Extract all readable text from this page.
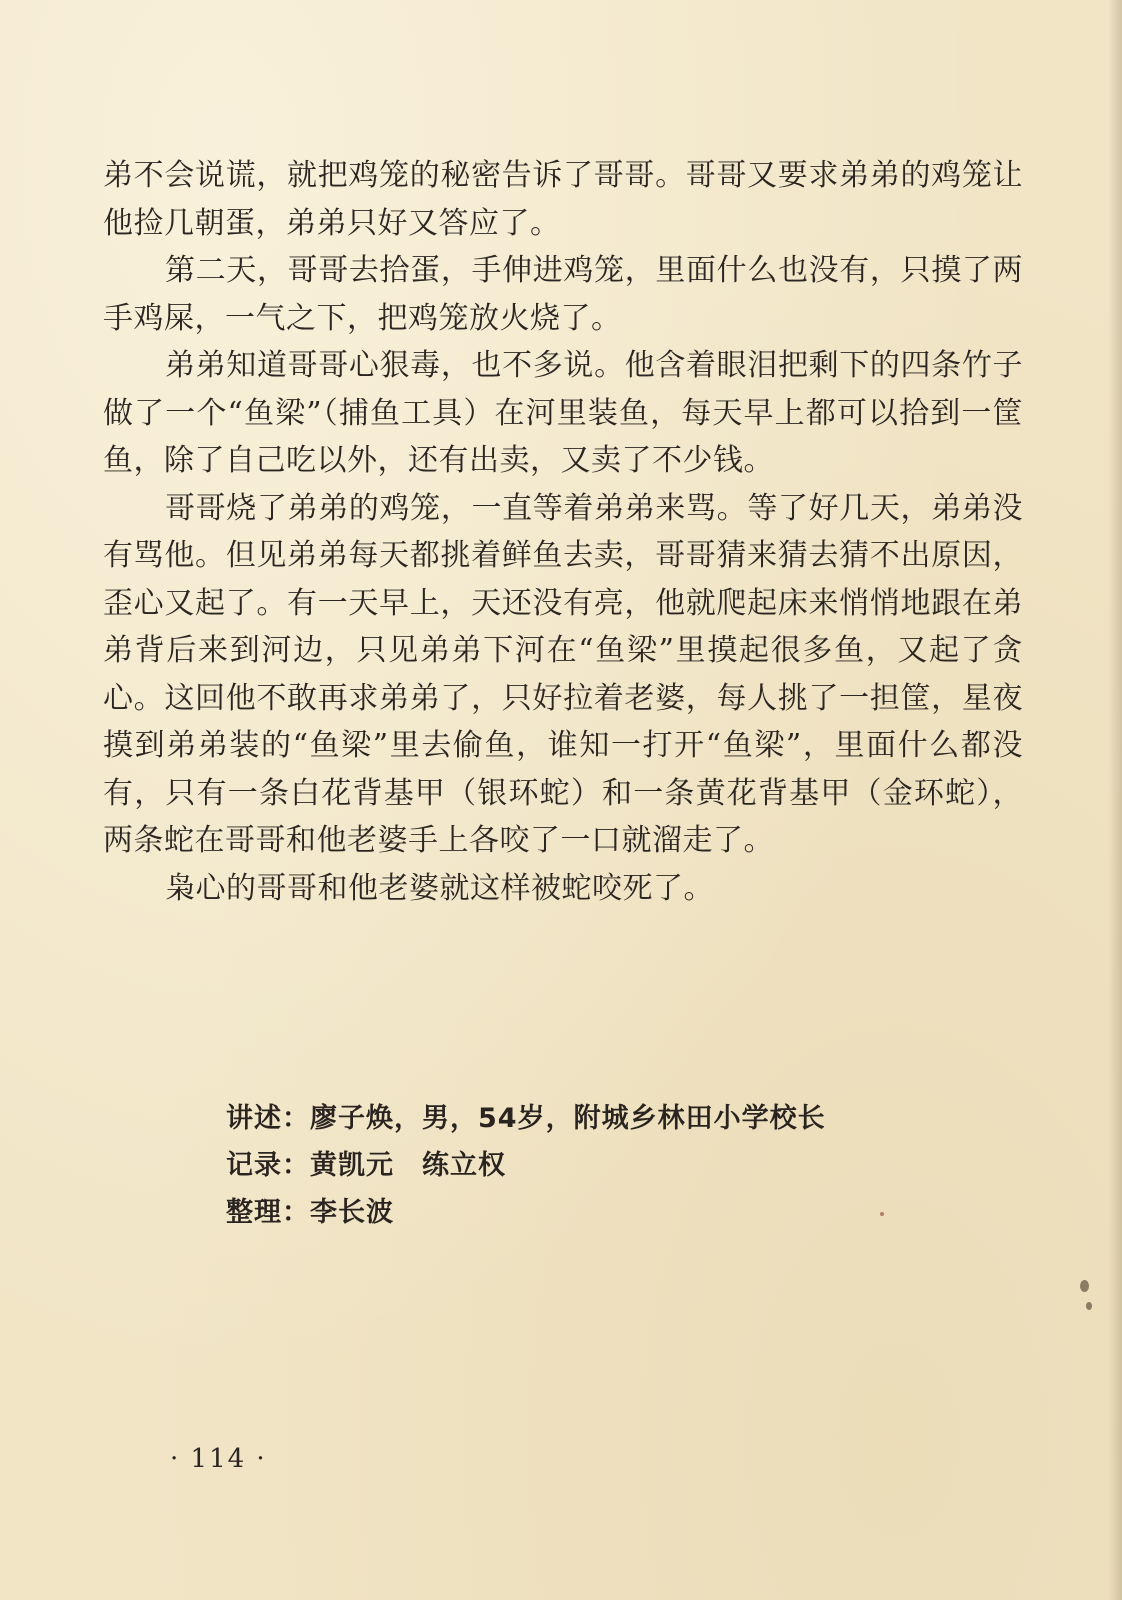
弟不会说谎，就把鸡笼的秘密告诉了哥哥。哥哥又要求弟弟的鸡笼让他捡几朝蛋，弟弟只好又答应了。

第二天，哥哥去拾蛋，手伸进鸡笼，里面什么也没有，只摸了两手鸡屎，一气之下，把鸡笼放火烧了。

弟弟知道哥哥心狠毒，也不多说。他含着眼泪把剩下的四条竹子做了一个“鱼梁”（捕鱼工具）在河里装鱼，每天早上都可以拾到一筐鱼，除了自己吃以外，还有出卖，又卖了不少钱。

哥哥烧了弟弟的鸡笼，一直等着弟弟来骂。等了好几天，弟弟没有骂他。但见弟弟每天都挑着鲜鱼去卖，哥哥猜来猜去猜不出原因，歪心又起了。有一天早上，天还没有亮，他就爬起床来悄悄地跟在弟弟背后来到河边，只见弟弟下河在“鱼梁”里摸起很多鱼，又起了贪心。这回他不敢再求弟弟了，只好拉着老婆，每人挑了一担筐，星夜摸到弟弟装的“鱼梁”里去偷鱼，谁知一打开“鱼梁”，里面什么都没有，只有一条白花背基甲（银环蛇）和一条黄花背基甲（金环蛇），两条蛇在哥哥和他老婆手上各咬了一口就溜走了。

枭心的哥哥和他老婆就这样被蛇咬死了。

讲述： 廖子焕，男，54岁，附城乡林田小学校长
记录： 黄凯元　练立权
整理： 李长波
· 114 ·
